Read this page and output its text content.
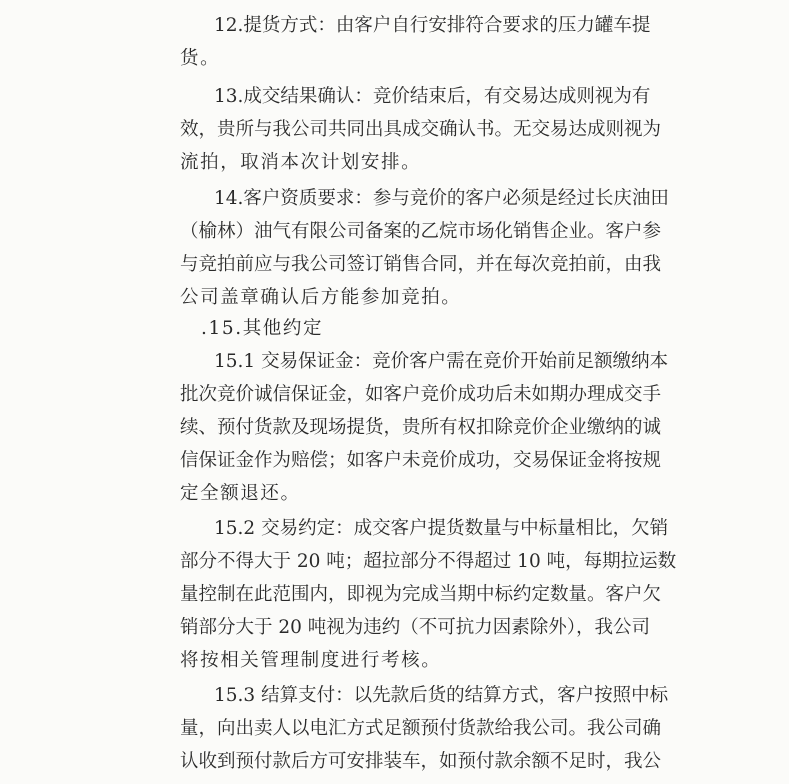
12.提货方式：由客户自行安排符合要求的压力罐车提
货。
13.成交结果确认：竞价结束后，有交易达成则视为有
效，贵所与我公司共同出具成交确认书。无交易达成则视为
流拍，取消本次计划安排。
14.客户资质要求：参与竞价的客户必须是经过长庆油田
（榆林）油气有限公司备案的乙烷市场化销售企业。客户参
与竞拍前应与我公司签订销售合同，并在每次竞拍前，由我
公司盖章确认后方能参加竞拍。
.15.其他约定
15.1 交易保证金：竞价客户需在竞价开始前足额缴纳本
批次竞价诚信保证金，如客户竞价成功后未如期办理成交手
续、预付货款及现场提货，贵所有权扣除竞价企业缴纳的诚
信保证金作为赔偿；如客户未竞价成功，交易保证金将按规
定全额退还。
15.2 交易约定：成交客户提货数量与中标量相比，欠销
部分不得大于 20 吨；超拉部分不得超过 10 吨，每期拉运数
量控制在此范围内，即视为完成当期中标约定数量。客户欠
销部分大于 20 吨视为违约（不可抗力因素除外），我公司
将按相关管理制度进行考核。
15.3 结算支付：以先款后货的结算方式，客户按照中标
量，向出卖人以电汇方式足额预付货款给我公司。我公司确
认收到预付款后方可安排装车，如预付款余额不足时，我公
